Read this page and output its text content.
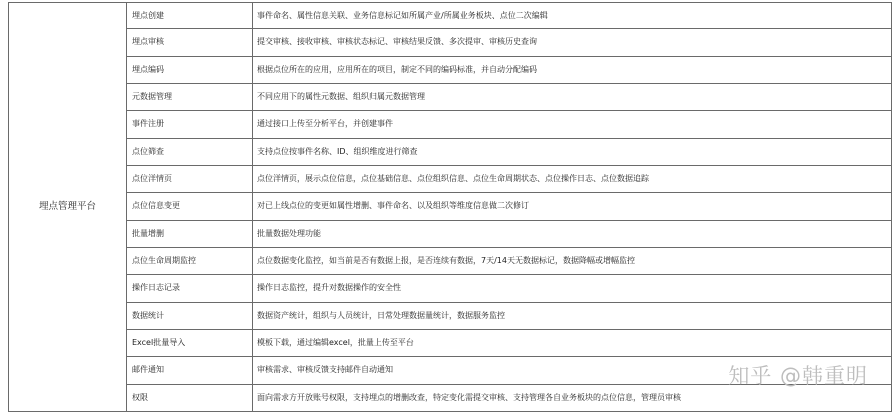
埋点管理平台
埋点创建	事件命名、属性信息关联、业务信息标记如所属产业/所属业务板块、点位二次编辑
埋点审核	提交审核、接收审核、审核状态标记、审核结果反馈、多次提审、审核历史查询
埋点编码	根据点位所在的应用，应用所在的项目，制定不同的编码标准，并自动分配编码
元数据管理	不同应用下的属性元数据、组织归属元数据管理
事件注册	通过接口上传至分析平台，并创建事件
点位筛查	支持点位按事件名称、ID、组织维度进行筛查
点位洋情页	点位洋情页，展示点位信息，点位基础信息、点位组织信息、点位生命周期状态、点位操作日志、点位数据追踪
点位信息变更	对已上线点位的变更如属性增删、事件命名、以及组织等维度信息做二次修订
批量增删	批量数据处理功能
点位生命周期监控	点位数据变化监控，如当前是否有数据上报，是否连续有数据，7天/14天无数据标记，数据降幅或增幅监控
操作日志记录	操作日志监控，提升对数据操作的安全性
数据统计	数据资产统计，组织与人员统计，日常处理数据量统计，数据服务监控
Excel批量导入	模板下载，通过编辑excel，批量上传至平台
邮件通知	审核需求、审核反馈支持邮件自动通知
权限	面向需求方开放账号权限，支持埋点的增删改查，特定变化需提交审核、支持管理各自业务板块的点位信息，管理员审核
知乎 @韩重明
